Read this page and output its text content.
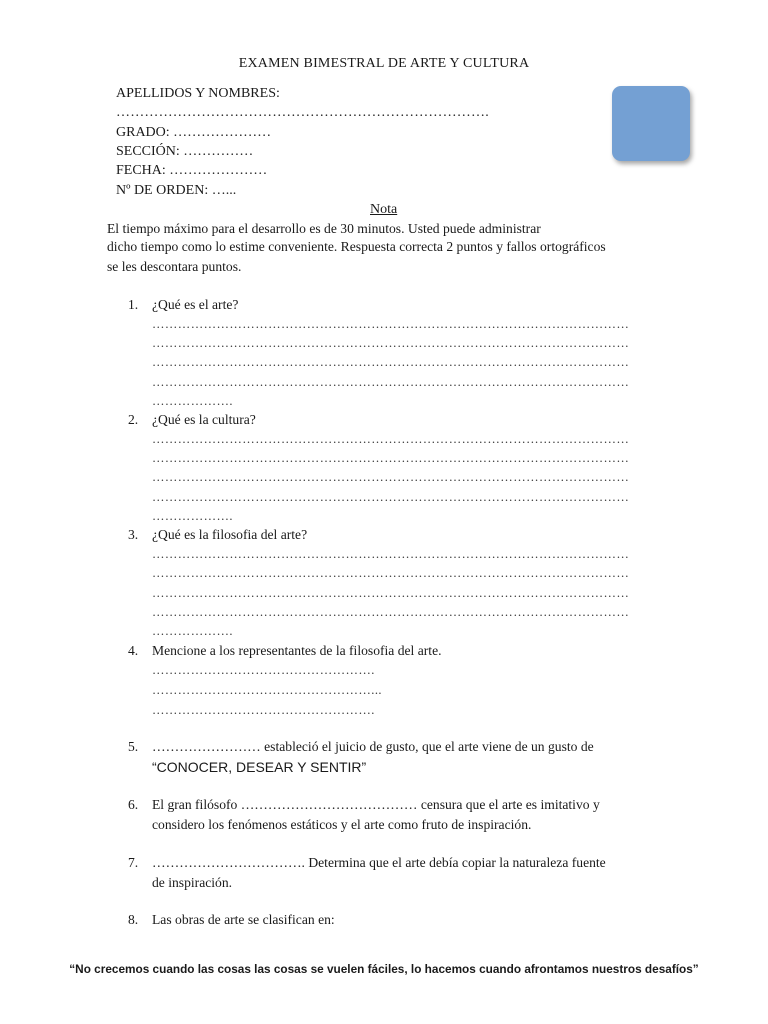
EXAMEN BIMESTRAL DE ARTE Y CULTURA
APELLIDOS Y NOMBRES:
…………………………………………………………………….
GRADO: …………………
SECCIÓN: ……………
FECHA: …………………
Nº DE ORDEN: …...
Nota
El tiempo máximo para el desarrollo es de 30 minutos. Usted puede administrar
dicho tiempo como lo estime conveniente. Respuesta correcta 2 puntos y fallos ortográficos
se les descontara puntos.
1. ¿Qué es el arte?
…………………………………………………………………………………………………
…………………………………………………………………………………………………
…………………………………………………………………………………………………
…………………………………………………………………………………………………
……………….
2. ¿Qué es la cultura?
…………………………………………………………………………………………………
…………………………………………………………………………………………………
…………………………………………………………………………………………………
…………………………………………………………………………………………………
……………….
3. ¿Qué es la filosofia del arte?
…………………………………………………………………………………………………
…………………………………………………………………………………………………
…………………………………………………………………………………………………
…………………………………………………………………………………………………
……………….
4. Mencione a los representantes de la filosofia del arte.
…………………………………………….
……………………………………………...
…………………………………………….
5. …………………… estableció el juicio de gusto, que el arte viene de un gusto de
“CONOCER, DESEAR Y SENTIR”
6. El gran filósofo ………………………………… censura que el arte es imitativo y
considero los fenómenos estáticos y el arte como fruto de inspiración.
7. ……………………………. Determina que el arte debía copiar la naturaleza fuente
de inspiración.
8. Las obras de arte se clasifican en:
“No crecemos cuando las cosas las cosas se vuelen fáciles, lo hacemos cuando afrontamos nuestros desafíos”
